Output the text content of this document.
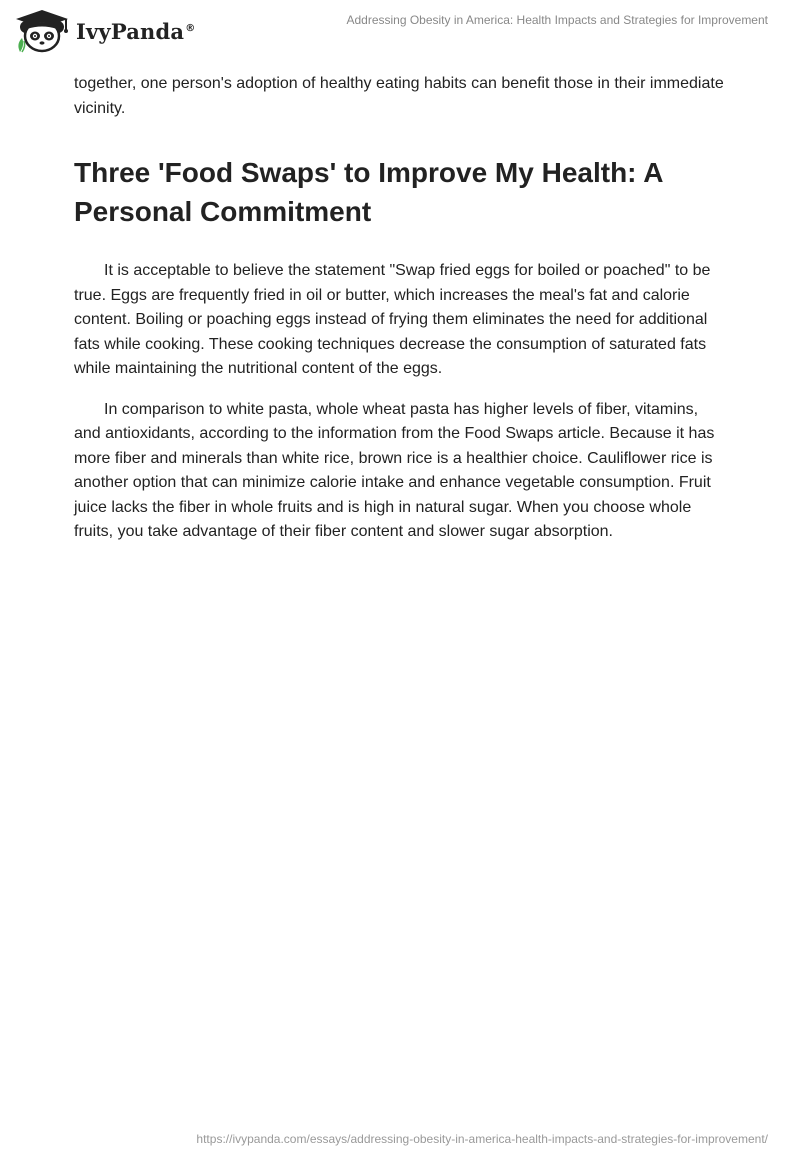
IvyPanda®
Addressing Obesity in America: Health Impacts and Strategies for Improvement

together, one person's adoption of healthy eating habits can benefit those in their immediate vicinity.

Three 'Food Swaps' to Improve My Health: A Personal Commitment

It is acceptable to believe the statement "Swap fried eggs for boiled or poached" to be true. Eggs are frequently fried in oil or butter, which increases the meal's fat and calorie content. Boiling or poaching eggs instead of frying them eliminates the need for additional fats while cooking. These cooking techniques decrease the consumption of saturated fats while maintaining the nutritional content of the eggs.

In comparison to white pasta, whole wheat pasta has higher levels of fiber, vitamins, and antioxidants, according to the information from the Food Swaps article. Because it has more fiber and minerals than white rice, brown rice is a healthier choice. Cauliflower rice is another option that can minimize calorie intake and enhance vegetable consumption. Fruit juice lacks the fiber in whole fruits and is high in natural sugar. When you choose whole fruits, you take advantage of their fiber content and slower sugar absorption.

https://ivypanda.com/essays/addressing-obesity-in-america-health-impacts-and-strategies-for-improvement/
